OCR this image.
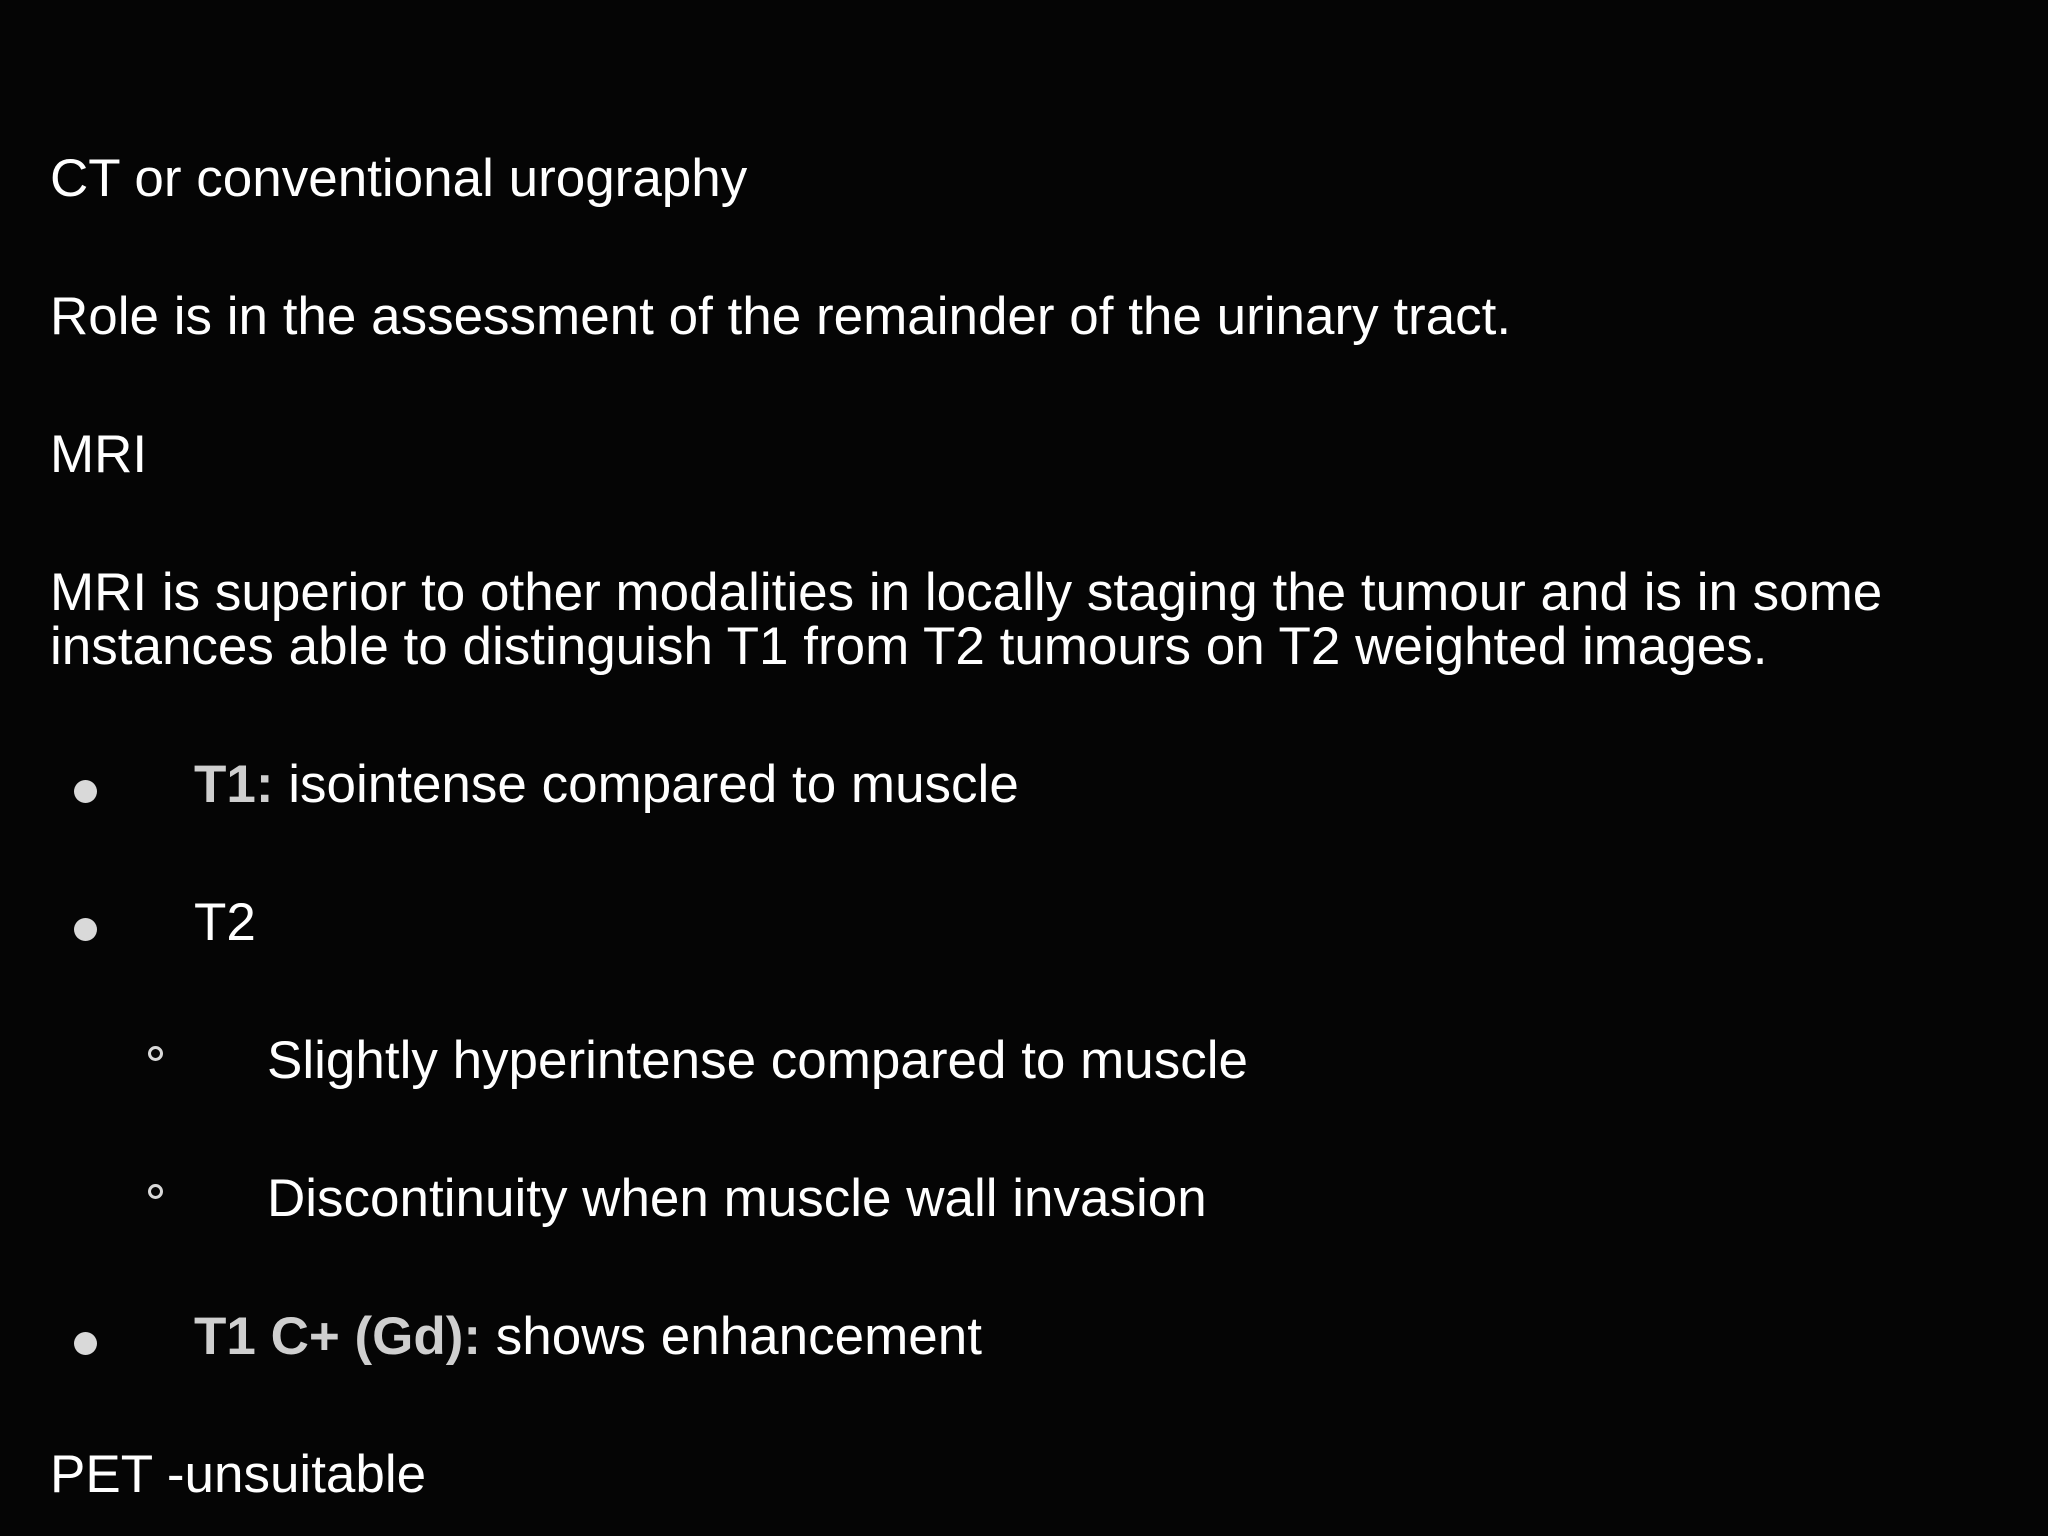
CT or conventional urography
Role is in the assessment of the remainder of the urinary tract.
MRI
MRI is superior to other modalities in locally staging the tumour and is in some instances able to distinguish T1 from T2 tumours on T2 weighted images.
T1: isointense compared to muscle
T2
Slightly hyperintense compared to muscle
Discontinuity when muscle wall invasion
T1 C+ (Gd): shows enhancement
PET -unsuitable
